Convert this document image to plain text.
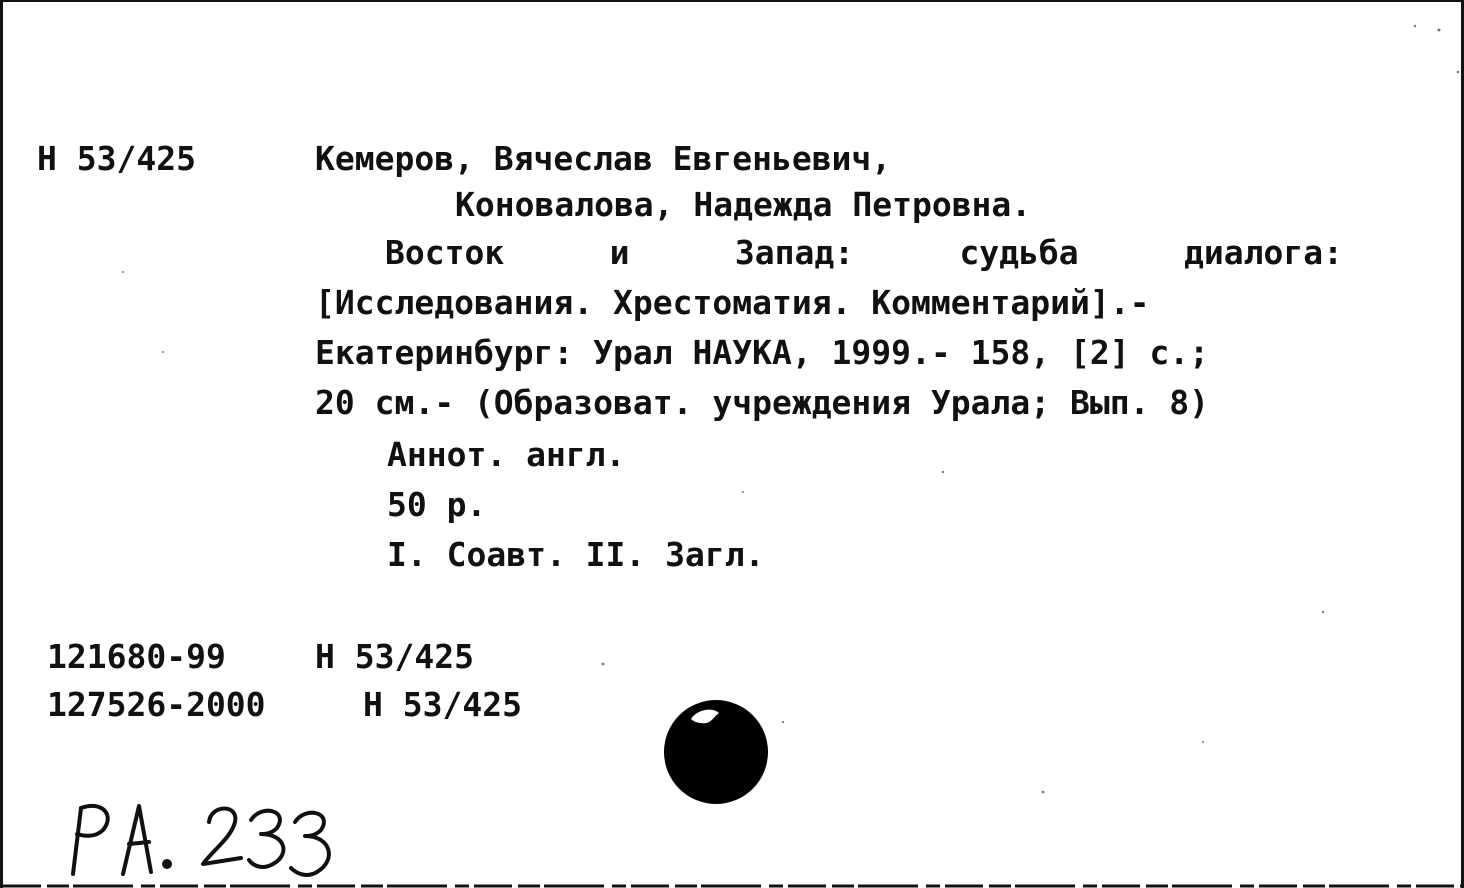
Н 53/425	Кемеров, Вячеслав Евгеньевич,
Коновалова, Надежда Петровна.
Восток	и	Запад:	судьба	диалога:
[Исследования. Хрестоматия. Комментарий].-
Екатеринбург: Урал НАУКА, 1999.- 158, [2] с.;
20 см.- (Образоват. учреждения Урала; Вып. 8)
Аннот. англ.
50 р.
I. Соавт. II. Загл.
121680-99	Н 53/425
127526-2000	Н 53/425
